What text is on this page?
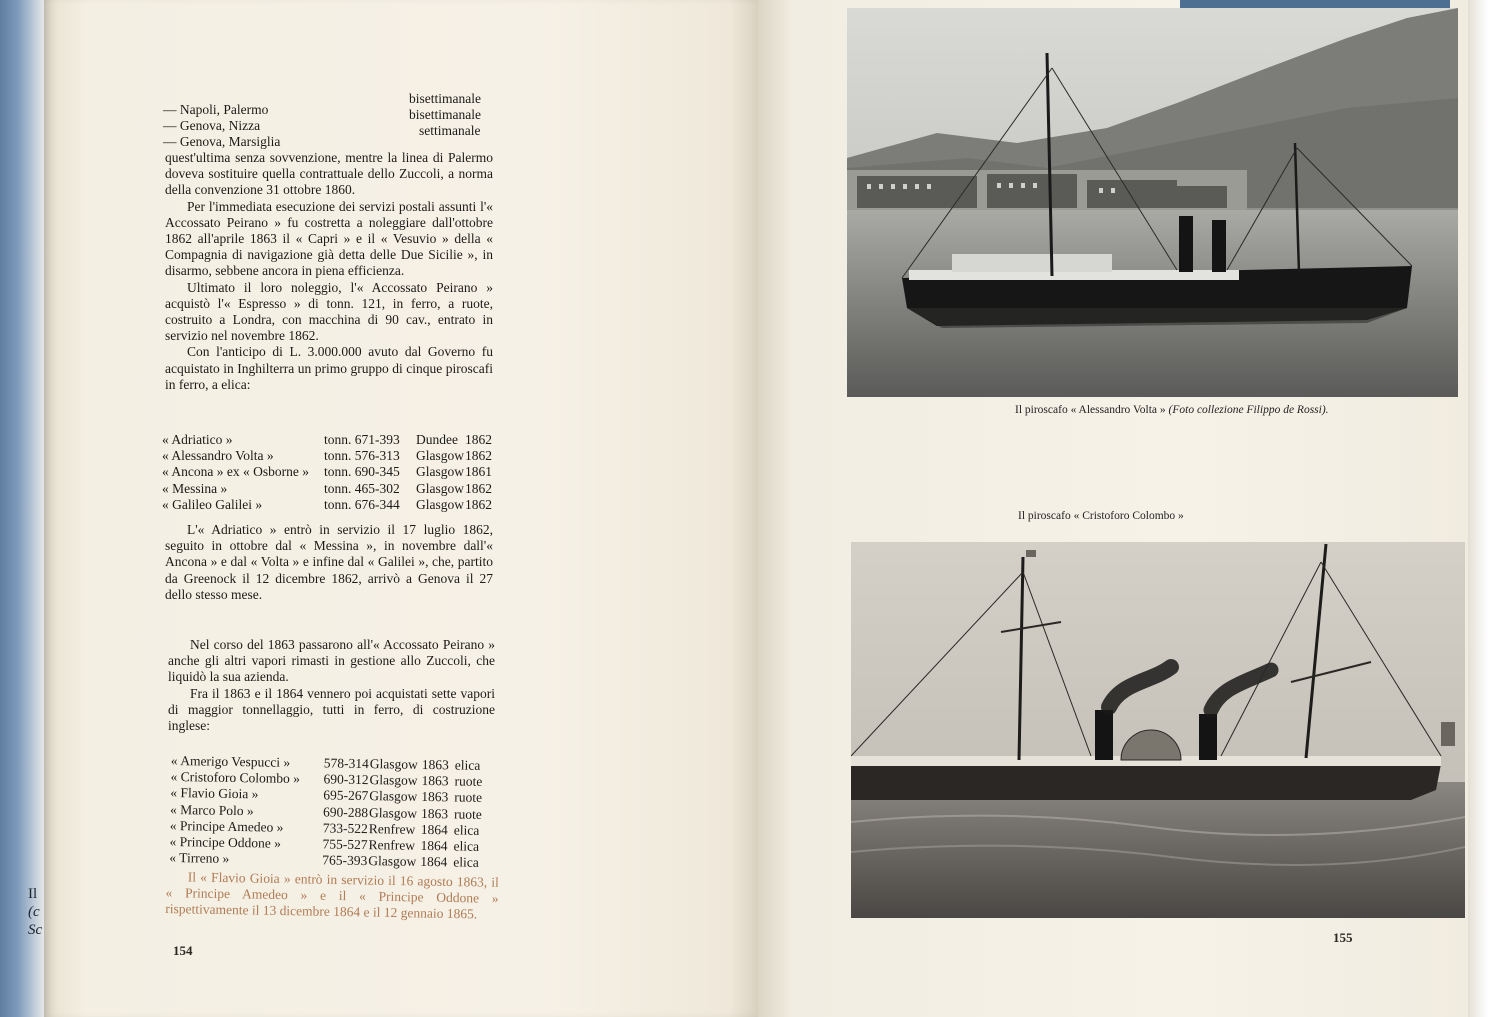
Il
(c
Sc
— Napoli, Palermo
bisettimanale
— Genova, Nizza
bisettimanale
— Genova, Marsiglia
settimanale

quest'ultima senza sovvenzione, mentre la linea di Palermo doveva sostituire quella contrattuale dello Zuccoli, a norma della convenzione 31 ottobre 1860.

Per l'immediata esecuzione dei servizi postali assunti l'« Accossato Peirano » fu costretta a noleggiare dall'ottobre 1862 all'aprile 1863 il « Capri » e il « Vesuvio » della « Compagnia di navigazione già detta delle Due Sicilie », in disarmo, sebbene ancora in piena efficienza.

Ultimato il loro noleggio, l'« Accossato Peirano » acquistò l'« Espresso » di tonn. 121, in ferro, a ruote, costruito a Londra, con macchina di 90 cav., entrato in servizio nel novembre 1862.

Con l'anticipo di L. 3.000.000 avuto dal Governo fu acquistato in Inghilterra un primo gruppo di cinque piroscafi in ferro, a elica:

« Adriatico »	tonn. 671-393 Dundee 1862
« Alessandro Volta »	tonn. 576-313 Glasgow 1862
« Ancona » ex « Osborne » tonn. 690-345 Glasgow 1861
« Messina »	tonn. 465-302 Glasgow 1862
« Galileo Galilei »	tonn. 676-344 Glasgow 1862
L'« Adriatico » entrò in servizio il 17 luglio 1862, seguito in ottobre dal « Messina », in novembre dall'« Ancona » e dal « Volta » e infine dal « Galilei », che, partito da Greenock il 12 dicembre 1862, arrivò a Genova il 27 dello stesso mese.

Nel corso del 1863 passarono all'« Accossato Peirano » anche gli altri vapori rimasti in gestione allo Zuccoli, che liquidò la sua azienda.

Fra il 1863 e il 1864 vennero poi acquistati sette vapori di maggior tonnellaggio, tutti in ferro, di costruzione inglese:

« Amerigo Vespucci » 578-314 Glasgow 1863 elica
« Cristoforo Colombo » 690-312 Glasgow 1863 ruote
« Flavio Gioia »	695-267 Glasgow 1863 ruote
« Marco Polo »	690-288 Glasgow 1863 ruote
« Principe Amedeo »	733-522 Renfrew 1864 elica
« Principe Oddone »	755-527 Renfrew 1864 elica
« Tirreno »	765-393 Glasgow 1864 elica
Il « Flavio Gioia » entrò in servizio il 16 agosto 1863, il « Principe Amedeo » e il « Principe Oddone » rispettivamente il 13 dicembre 1864 e il 12 gennaio 1865.
154
Il piroscafo « Alessandro Volta » (Foto collezione Filippo de Rossi).
Il piroscafo « Cristoforo Colombo »
155
